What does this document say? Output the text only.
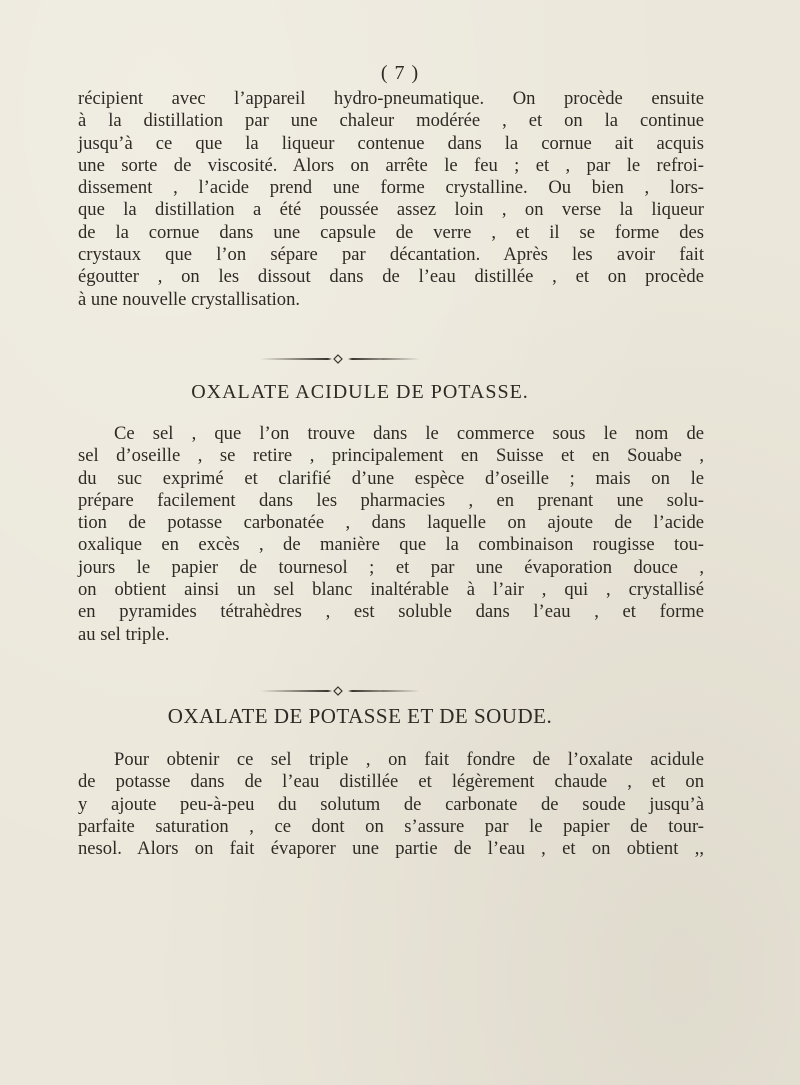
( 7 )
récipient avec l’appareil hydro-pneumatique. On procède ensuite
à la distillation par une chaleur modérée , et on la continue
jusqu’à ce que la liqueur contenue dans la cornue ait acquis
une sorte de viscosité. Alors on arrête le feu ; et , par le refroi-
dissement , l’acide prend une forme crystalline. Ou bien , lors-
que la distillation a été poussée assez loin , on verse la liqueur
de la cornue dans une capsule de verre , et il se forme des
crystaux que l’on sépare par décantation. Après les avoir fait
égoutter , on les dissout dans de l’eau distillée , et on procède
à une nouvelle crystallisation.
OXALATE ACIDULE DE POTASSE.
Ce sel , que l’on trouve dans le commerce sous le nom de
sel d’oseille , se retire , principalement en Suisse et en Souabe ,
du suc exprimé et clarifié d’une espèce d’oseille ; mais on le
prépare facilement dans les pharmacies , en prenant une solu-
tion de potasse carbonatée , dans laquelle on ajoute de l’acide
oxalique en excès , de manière que la combinaison rougisse tou-
jours le papier de tournesol ; et par une évaporation douce ,
on obtient ainsi un sel blanc inaltérable à l’air , qui , crystallisé
en pyramides tétrahèdres , est soluble dans l’eau , et forme
au sel triple.
OXALATE DE POTASSE ET DE SOUDE.
Pour obtenir ce sel triple , on fait fondre de l’oxalate acidule
de potasse dans de l’eau distillée et légèrement chaude , et on
y ajoute peu-à-peu du solutum de carbonate de soude jusqu’à
parfaite saturation , ce dont on s’assure par le papier de tour-
nesol. Alors on fait évaporer une partie de l’eau , et on obtient ,,
